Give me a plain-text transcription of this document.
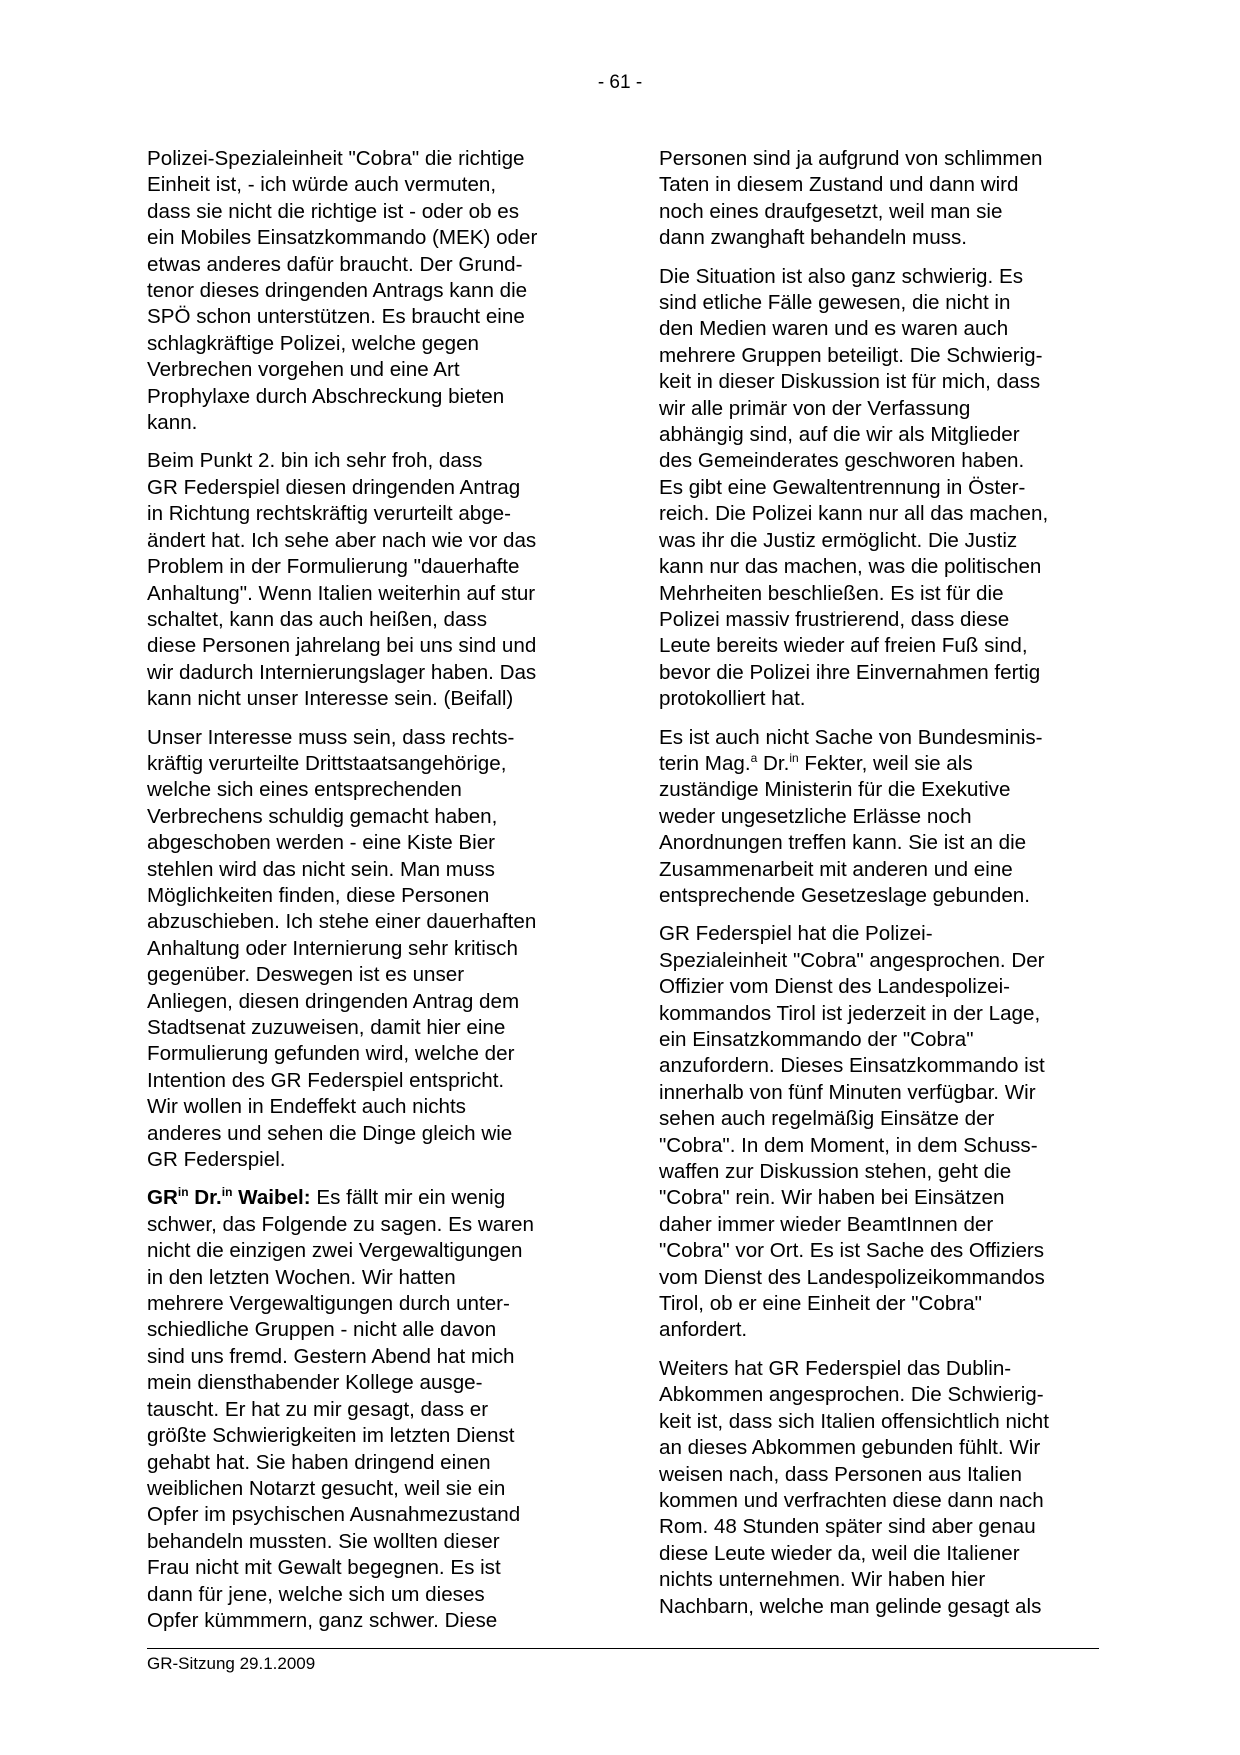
- 61 -

Polizei-Spezialeinheit "Cobra" die richtige
Einheit ist, - ich würde auch vermuten,
dass sie nicht die richtige ist - oder ob es
ein Mobiles Einsatzkommando (MEK) oder
etwas anderes dafür braucht. Der Grund-
tenor dieses dringenden Antrags kann die
SPÖ schon unterstützen. Es braucht eine
schlagkräftige Polizei, welche gegen
Verbrechen vorgehen und eine Art
Prophylaxe durch Abschreckung bieten
kann.

Beim Punkt 2. bin ich sehr froh, dass
GR Federspiel diesen dringenden Antrag
in Richtung rechtskräftig verurteilt abge-
ändert hat. Ich sehe aber nach wie vor das
Problem in der Formulierung "dauerhafte
Anhaltung". Wenn Italien weiterhin auf stur
schaltet, kann das auch heißen, dass
diese Personen jahrelang bei uns sind und
wir dadurch Internierungslager haben. Das
kann nicht unser Interesse sein. (Beifall)

Unser Interesse muss sein, dass rechts-
kräftig verurteilte Drittstaatsangehörige,
welche sich eines entsprechenden
Verbrechens schuldig gemacht haben,
abgeschoben werden - eine Kiste Bier
stehlen wird das nicht sein. Man muss
Möglichkeiten finden, diese Personen
abzuschieben. Ich stehe einer dauerhaften
Anhaltung oder Internierung sehr kritisch
gegenüber. Deswegen ist es unser
Anliegen, diesen dringenden Antrag dem
Stadtsenat zuzuweisen, damit hier eine
Formulierung gefunden wird, welche der
Intention des GR Federspiel entspricht.
Wir wollen in Endeffekt auch nichts
anderes und sehen die Dinge gleich wie
GR Federspiel.

$GR^{in}$ Dr.$^{in}$ Waibel: Es fällt mir ein wenig
schwer, das Folgende zu sagen. Es waren
nicht die einzigen zwei Vergewaltigungen
in den letzten Wochen. Wir hatten
mehrere Vergewaltigungen durch unter-
schiedliche Gruppen - nicht alle davon
sind uns fremd. Gestern Abend hat mich
mein diensthabender Kollege ausge-
tauscht. Er hat zu mir gesagt, dass er
größte Schwierigkeiten im letzten Dienst
gehabt hat. Sie haben dringend einen
weiblichen Notarzt gesucht, weil sie ein
Opfer im psychischen Ausnahmezustand
behandeln mussten. Sie wollten dieser
Frau nicht mit Gewalt begegnen. Es ist
dann für jene, welche sich um dieses
Opfer kümmmern, ganz schwer. Diese

Personen sind ja aufgrund von schlimmen
Taten in diesem Zustand und dann wird
noch eines draufgesetzt, weil man sie
dann zwanghaft behandeln muss.

Die Situation ist also ganz schwierig. Es
sind etliche Fälle gewesen, die nicht in
den Medien waren und es waren auch
mehrere Gruppen beteiligt. Die Schwierig-
keit in dieser Diskussion ist für mich, dass
wir alle primär von der Verfassung
abhängig sind, auf die wir als Mitglieder
des Gemeinderates geschworen haben.
Es gibt eine Gewaltentrennung in Öster-
reich. Die Polizei kann nur all das machen,
was ihr die Justiz ermöglicht. Die Justiz
kann nur das machen, was die politischen
Mehrheiten beschließen. Es ist für die
Polizei massiv frustrierend, dass diese
Leute bereits wieder auf freien Fuß sind,
bevor die Polizei ihre Einvernahmen fertig
protokolliert hat.

Es ist auch nicht Sache von Bundesminis-
terin Mag.$^a$ Dr.$^{in}$ Fekter, weil sie als
zuständige Ministerin für die Exekutive
weder ungesetzliche Erlässe noch
Anordnungen treffen kann. Sie ist an die
Zusammenarbeit mit anderen und eine
entsprechende Gesetzeslage gebunden.

GR Federspiel hat die Polizei-
Spezialeinheit "Cobra" angesprochen. Der
Offizier vom Dienst des Landespolizei-
kommandos Tirol ist jederzeit in der Lage,
ein Einsatzkommando der "Cobra"
anzufordern. Dieses Einsatzkommando ist
innerhalb von fünf Minuten verfügbar. Wir
sehen auch regelmäßig Einsätze der
"Cobra". In dem Moment, in dem Schuss-
waffen zur Diskussion stehen, geht die
"Cobra" rein. Wir haben bei Einsätzen
daher immer wieder BeamtInnen der
"Cobra" vor Ort. Es ist Sache des Offiziers
vom Dienst des Landespolizeikommandos
Tirol, ob er eine Einheit der "Cobra"
anfordert.

Weiters hat GR Federspiel das Dublin-
Abkommen angesprochen. Die Schwierig-
keit ist, dass sich Italien offensichtlich nicht
an dieses Abkommen gebunden fühlt. Wir
weisen nach, dass Personen aus Italien
kommen und verfrachten diese dann nach
Rom. 48 Stunden später sind aber genau
diese Leute wieder da, weil die Italiener
nichts unternehmen. Wir haben hier
Nachbarn, welche man gelinde gesagt als

GR-Sitzung 29.1.2009
